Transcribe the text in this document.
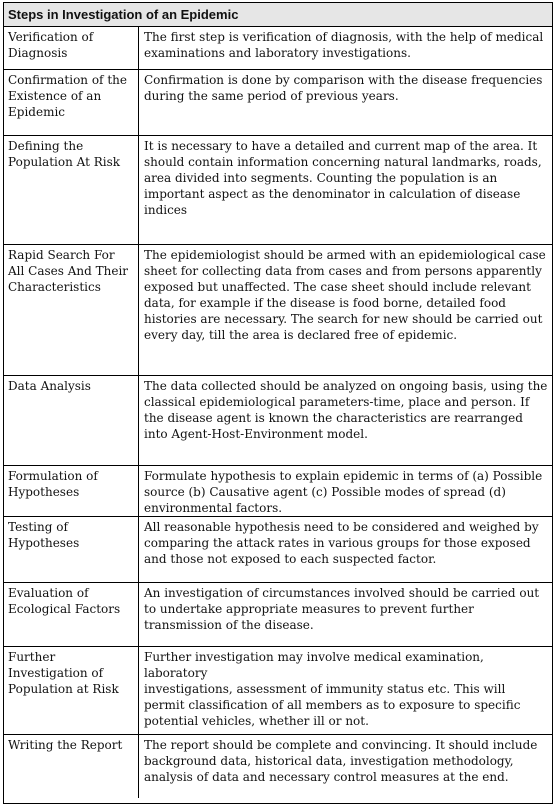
Steps in Investigation of an Epidemic
Verification of Diagnosis	The first step is verification of diagnosis, with the help of medical examinations and laboratory investigations.
Confirmation of the Existence of an Epidemic	Confirmation is done by comparison with the disease frequencies during the same period of previous years.
Defining the Population At Risk	It is necessary to have a detailed and current map of the area. It should contain information concerning natural landmarks, roads, area divided into segments. Counting the population is an important aspect as the denominator in calculation of disease indices
Rapid Search For All Cases And Their Characteristics	The epidemiologist should be armed with an epidemiological case sheet for collecting data from cases and from persons apparently exposed but unaffected. The case sheet should include relevant data, for example if the disease is food borne, detailed food histories are necessary. The search for new should be carried out every day, till the area is declared free of epidemic.
Data Analysis	The data collected should be analyzed on ongoing basis, using the classical epidemiological parameters-time, place and person. If the disease agent is known the characteristics are rearranged into Agent-Host-Environment model.
Formulation of Hypotheses	Formulate hypothesis to explain epidemic in terms of (a) Possible source (b) Causative agent (c) Possible modes of spread (d) environmental factors.
Testing of Hypotheses	All reasonable hypothesis need to be considered and weighed by comparing the attack rates in various groups for those exposed and those not exposed to each suspected factor.
Evaluation of Ecological Factors	An investigation of circumstances involved should be carried out to undertake appropriate measures to prevent further transmission of the disease.
Further Investigation of Population at Risk	Further investigation may involve medical examination, laboratory
investigations, assessment of immunity status etc. This will permit classification of all members as to exposure to specific potential vehicles, whether ill or not.

Writing the Report	The report should be complete and convincing. It should include background data, historical data, investigation methodology, analysis of data and necessary control measures at the end.
